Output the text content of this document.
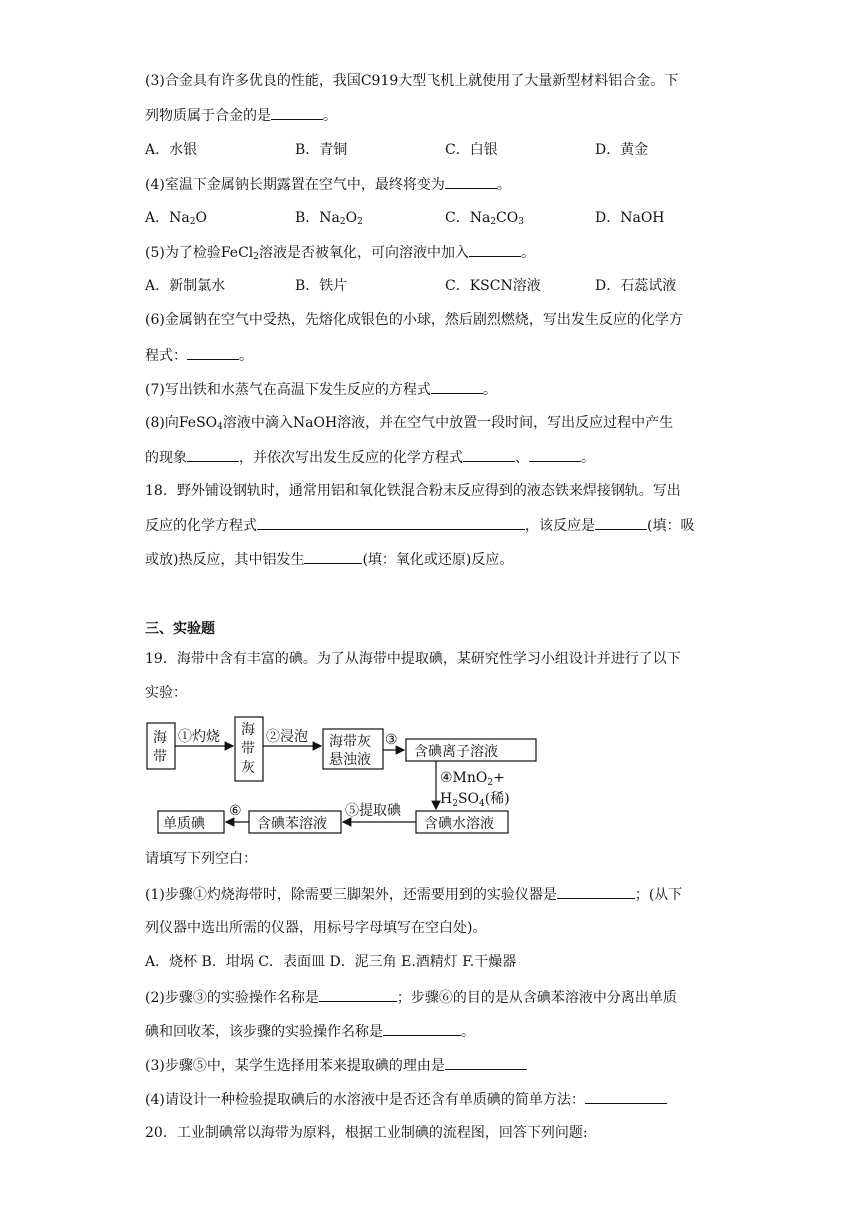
(3)合金具有许多优良的性能，我国C919大型飞机上就使用了大量新型材料铝合金。下
列物质属于合金的是	。
A．水银	B．青铜	C．白银	D．黄金
(4)室温下金属钠长期露置在空气中，最终将变为	。
A．$Na_2O$	B．$Na_2O_2$	C．$Na_2CO_3$	D．NaOH
(5)为了检验FeCl$_2$溶液是否被氧化，可向溶液中加入	。
A．新制氯水	B．铁片	C．KSCN溶液	D．石蕊试液
(6)金属钠在空气中受热，先熔化成银色的小球，然后剧烈燃烧，写出发生反应的化学方
程式：	。
(7)写出铁和水蒸气在高温下发生反应的方程式	。
(8)向FeSO$_4$溶液中滴入NaOH溶液，并在空气中放置一段时间，写出反应过程中产生
的现象	，并依次写出发生反应的化学方程式	、	。
18．野外铺设钢轨时，通常用铝和氧化铁混合粉末反应得到的液态铁来焊接钢轨。写出
反应的化学方程式	，该反应是	(填：吸
或放)热反应，其中铝发生	(填：氧化或还原)反应。
三、实验题
19．海带中含有丰富的碘。为了从海带中提取碘，某研究性学习小组设计并进行了以下
实验：
海
带
①灼烧 海
带
灰
②浸泡 海带灰
悬浊液
③
含碘离子溶液
④MnO$_2$+
$H_2SO_4$(稀)
含碘水溶液
⑤提取碘
含碘苯溶液
⑥
单质碘
请填写下列空白：
(1)步骤①灼烧海带时，除需要三脚架外，还需要用到的实验仪器是	；(从下
列仪器中选出所需的仪器，用标号字母填写在空白处)。
A．烧杯 B．坩埚 C．表面皿 D．泥三角 E.酒精灯 F.干燥器
(2)步骤③的实验操作名称是	；步骤⑥的目的是从含碘苯溶液中分离出单质
碘和回收苯，该步骤的实验操作名称是	。
(3)步骤⑤中，某学生选择用苯来提取碘的理由是
(4)请设计一种检验提取碘后的水溶液中是否还含有单质碘的简单方法：
20．工业制碘常以海带为原料，根据工业制碘的流程图，回答下列问题:
